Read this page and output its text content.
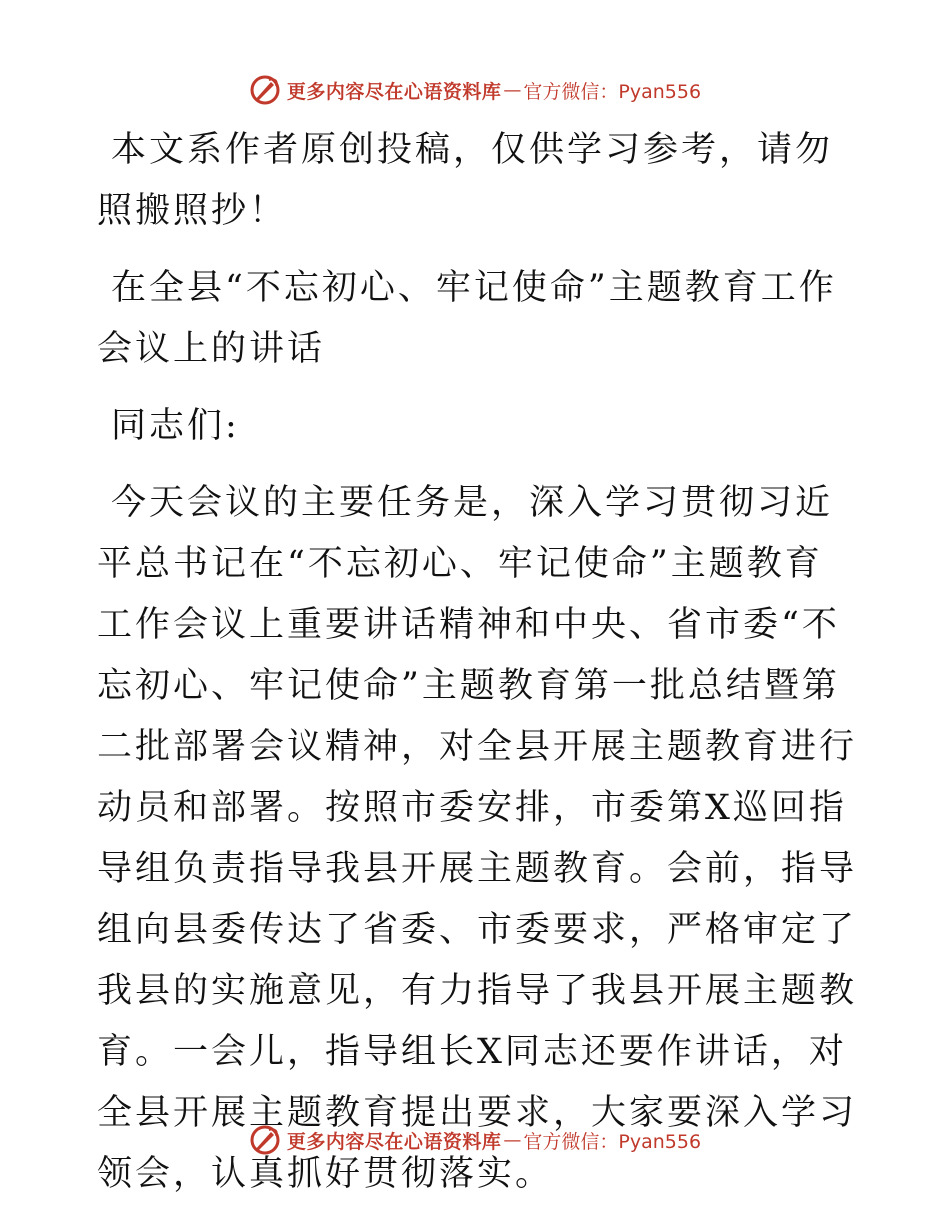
更多内容尽在心语资料库 — 官方微信：Pyan556

本文系作者原创投稿，仅供学习参考，请勿照搬照抄！

在全县“不忘初心、牢记使命”主题教育工作会议上的讲话

同志们:

今天会议的主要任务是，深入学习贯彻习近平总书记在“不忘初心、牢记使命”主题教育工作会议上重要讲话精神和中央、省市委“不忘初心、牢记使命”主题教育第一批总结暨第二批部署会议精神，对全县开展主题教育进行动员和部署。按照市委安排，市委第X巡回指导组负责指导我县开展主题教育。会前，指导组向县委传达了省委、市委要求，严格审定了我县的实施意见，有力指导了我县开展主题教育。一会儿，指导组长X同志还要作讲话，对全县开展主题教育提出要求，大家要深入学习领会，认真抓好贯彻落实。

更多内容尽在心语资料库 — 官方微信：Pyan556
